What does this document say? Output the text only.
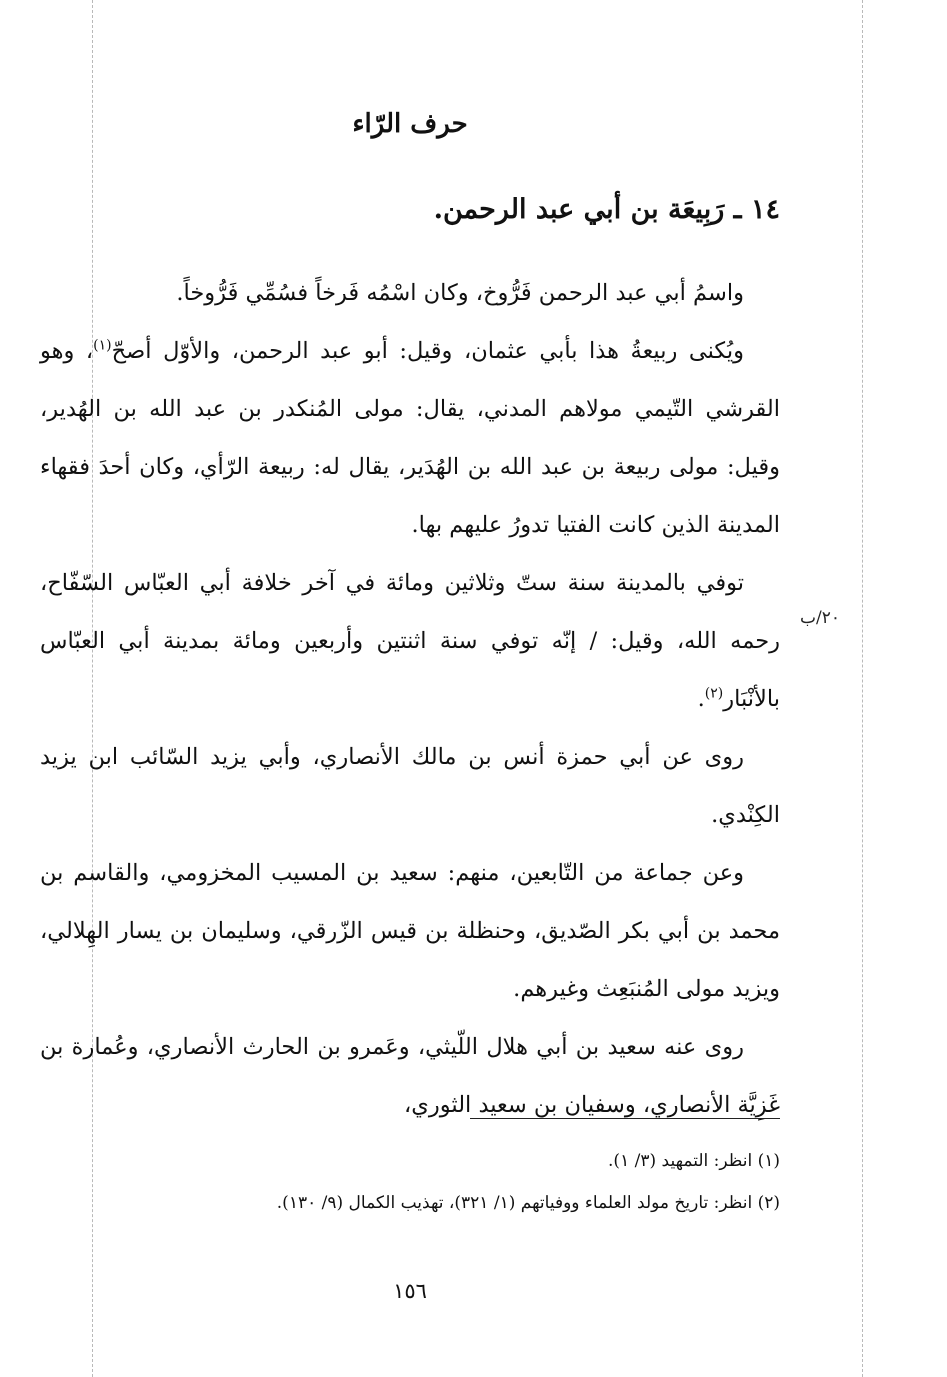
حرف الرّاء
١٤ ـ رَبِيعَة بن أبي عبد الرحمن.

واسمُ أبي عبد الرحمن فَرُّوخ، وكان اسْمُه فَرخاً فسُمِّي فَرُّوخاً.

ويُكنى ربيعةُ هذا بأبي عثمان، وقيل: أبو عبد الرحمن، والأوّل أصحّ$^{(١)}$، وهو القرشي التّيمي مولاهم المدني، يقال: مولى المُنكدر بن عبد الله بن الهُدير، وقيل: مولى ربيعة بن عبد الله بن الهُدَير، يقال له: ربيعة الرّأي، وكان أحدَ فقهاء المدينة الذين كانت الفتيا تدورُ عليهم بها.

توفي بالمدينة سنة ستّ وثلاثين ومائة في آخر خلافة أبي العبّاس السّفّاح، رحمه الله، وقيل: / إنّه توفي سنة اثنتين وأربعين ومائة بمدينة أبي العبّاس بالأنْبَار$^{(٢)}$.

روى عن أبي حمزة أنس بن مالك الأنصاري، وأبي يزيد السّائب ابن يزيد الكِنْدي.

وعن جماعة من التّابعين، منهم: سعيد بن المسيب المخزومي، والقاسم بن محمد بن أبي بكر الصّديق، وحنظلة بن قيس الزّرقي، وسليمان بن يسار الهِلالي، ويزيد مولى المُنبَعِث وغيرهم.

روى عنه سعيد بن أبي هلال اللّيثي، وعَمرو بن الحارث الأنصاري، وعُمارة بن غَزِيَّة الأنصاري، وسفيان بن سعيد الثوري،

٢٠/ب

(١) انظر: التمهيد (٣/ ١).

(٢) انظر: تاريخ مولد العلماء ووفياتهم (١/ ٣٢١)، تهذيب الكمال (٩/ ١٣٠).

١٥٦
